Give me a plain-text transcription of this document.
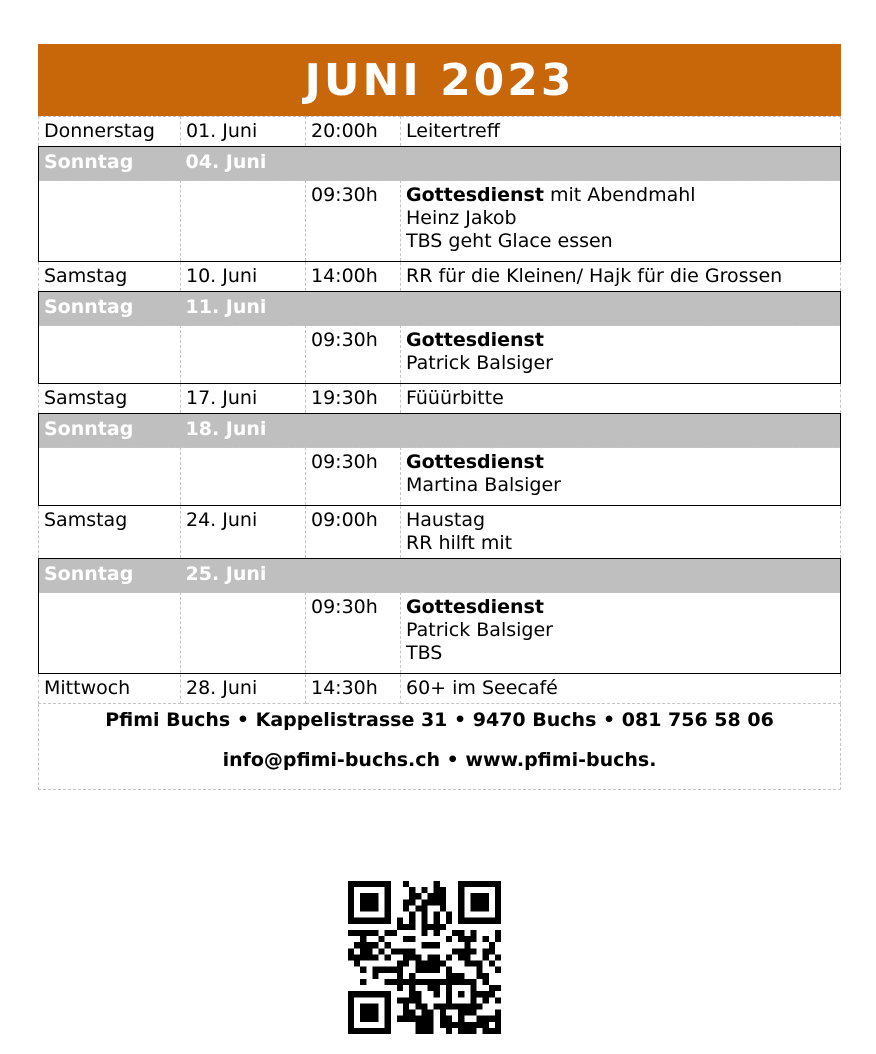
JUNI 2023
Donnerstag	01. Juni	20:00h	Leitertreff

Sonntag	04. Juni		
		09:30h	Gottesdienst mit Abendmahl
Heinz Jakob
TBS geht Glace essen

Samstag	10. Juni	14:00h	RR für die Kleinen/ Hajk für die Grossen

Sonntag	11. Juni		
		09:30h	Gottesdienst
Patrick Balsiger

Samstag	17. Juni	19:30h	Füüürbitte

Sonntag	18. Juni		
		09:30h	Gottesdienst
Martina Balsiger

Samstag	24. Juni	09:00h	Haustag
RR hilft mit

Sonntag	25. Juni		
		09:30h	Gottesdienst
Patrick Balsiger
TBS

Mittwoch	28. Juni	14:30h	60+ im Seecafé
Pfimi Buchs • Kappelistrasse 31 • 9470 Buchs • 081 756 58 06
info@pfimi-buchs.ch • www.pfimi-buchs.
